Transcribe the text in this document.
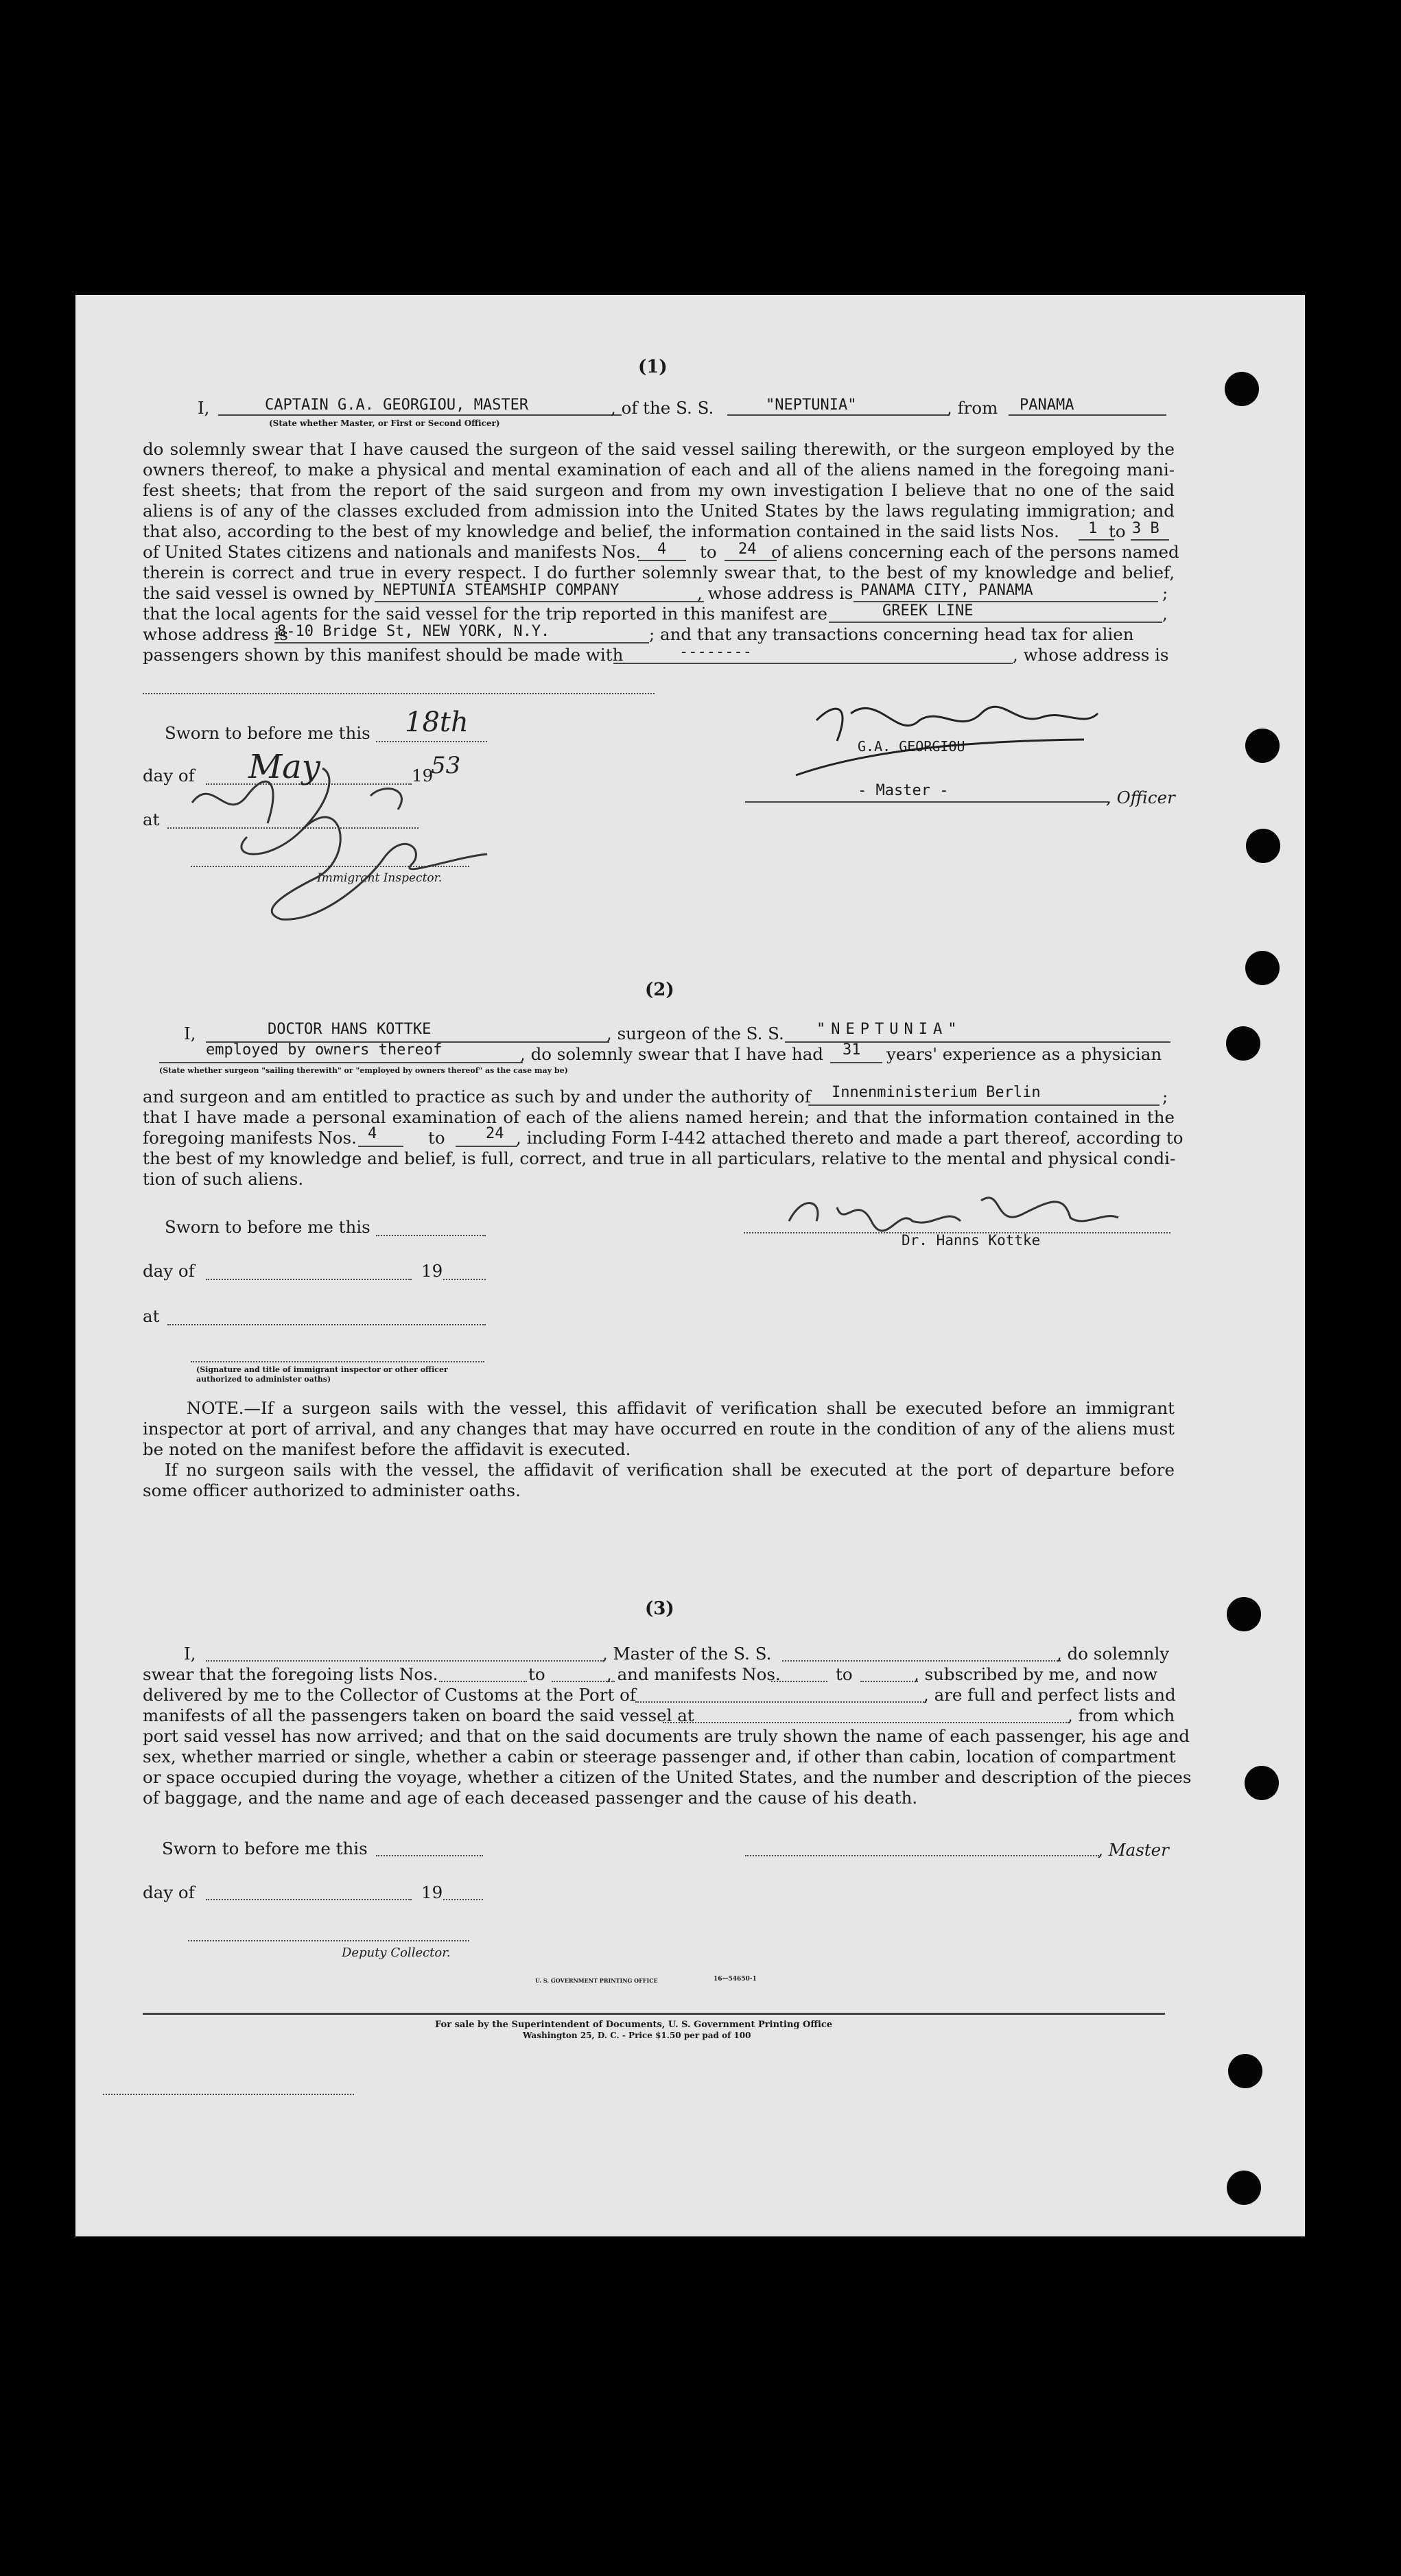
(1)
I,	CAPTAIN G.A. GEORGIOU, MASTER	, of the S. S.	"NEPTUNIA"	, from PANAMA
(State whether Master, or First or Second Officer)
do solemnly swear that I have caused the surgeon of the said vessel sailing therewith, or the surgeon employed by the
owners thereof, to make a physical and mental examination of each and all of the aliens named in the foregoing mani-
fest sheets; that from the report of the said surgeon and from my own investigation I believe that no one of the said
aliens is of any of the classes excluded from admission into the United States by the laws regulating immigration; and
that also, according to the best of my knowledge and belief, the information contained in the said lists Nos. 1 to 3 B
of United States citizens and nationals and manifests Nos. 4 to 24 of aliens concerning each of the persons named
therein is correct and true in every respect. I do further solemnly swear that, to the best of my knowledge and belief,
the said vessel is owned by NEPTUNIA STEAMSHIP COMPANY	, whose address is PANAMA CITY, PANAMA	;
that the local agents for the said vessel for the trip reported in this manifest are	GREEK LINE	,
whose address is
8-10 Bridge St, NEW YORK, N.Y.	; and that any transactions concerning head tax for alien
passengers shown by this manifest should be made with	--------	, whose address is
Sworn to before me this 18th
day of May	19
53
at
Immigrant Inspector.
G.A. GEORGIOU
- Master -	, Officer
(2)
I,	DOCTOR HANS KOTTKE	, surgeon of the S. S. "NEPTUNIA"
employed by owners thereof	, do solemnly swear that I have had 31 years' experience as a physician
(State whether surgeon "sailing therewith" or "employed by owners thereof" as the case may be)
and surgeon and am entitled to practice as such by and under the authority of Innenministerium Berlin	;
that I have made a personal examination of each of the aliens named herein; and that the information contained in the
foregoing manifests Nos. 4	to	24 , including Form I-442 attached thereto and made a part thereof, according to
the best of my knowledge and belief, is full, correct, and true in all particulars, relative to the mental and physical condi-
tion of such aliens.
Dr. Hanns Kottke
Sworn to before me this
day of	19
at
(Signature and title of immigrant inspector or other officer authorized to administer oaths)
NOTE.—If a surgeon sails with the vessel, this affidavit of verification shall be executed before an immigrant
inspector at port of arrival, and any changes that may have occurred en route in the condition of any of the aliens must
be noted on the manifest before the affidavit is executed.
If no surgeon sails with the vessel, the affidavit of verification shall be executed at the port of departure before
some officer authorized to administer oaths.
(3)
I,	, Master of the S. S.	, do solemnly
swear that the foregoing lists Nos.	to	, and manifests Nos.	to	, subscribed by me, and now
delivered by me to the Collector of Customs at the Port of	, are full and perfect lists and
manifests of all the passengers taken on board the said vessel at	, from which
port said vessel has now arrived; and that on the said documents are truly shown the name of each passenger, his age and
sex, whether married or single, whether a cabin or steerage passenger and, if other than cabin, location of compartment
or space occupied during the voyage, whether a citizen of the United States, and the number and description of the pieces
of baggage, and the name and age of each deceased passenger and the cause of his death.
Sworn to before me this	, Master
day of	19
Deputy Collector.
U. S. GOVERNMENT PRINTING OFFICE	16—54650-1
For sale by the Superintendent of Documents, U. S. Government Printing Office
Washington 25, D. C. - Price $1.50 per pad of 100
